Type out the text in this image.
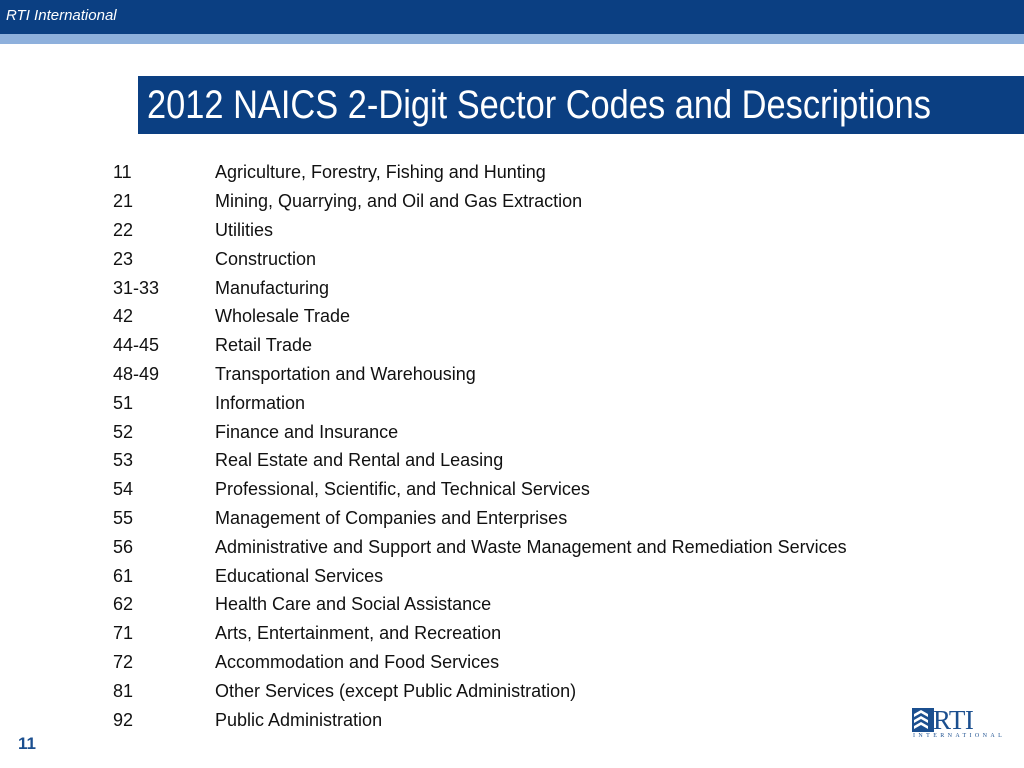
RTI International
2012 NAICS 2-Digit Sector Codes and Descriptions
11	Agriculture, Forestry, Fishing and Hunting
21	Mining, Quarrying, and Oil and Gas Extraction
22	Utilities
23	Construction
31-33	Manufacturing
42	Wholesale Trade
44-45	Retail Trade
48-49	Transportation and Warehousing
51	Information
52	Finance and Insurance
53	Real Estate and Rental and Leasing
54	Professional, Scientific, and Technical Services
55	Management of Companies and Enterprises
56	Administrative and Support and Waste Management and Remediation Services
61	Educational Services
62	Health Care and Social Assistance
71	Arts, Entertainment, and Recreation
72	Accommodation and Food Services
81	Other Services (except Public Administration)
92	Public Administration	RTI
INTERNATIONAL
11
